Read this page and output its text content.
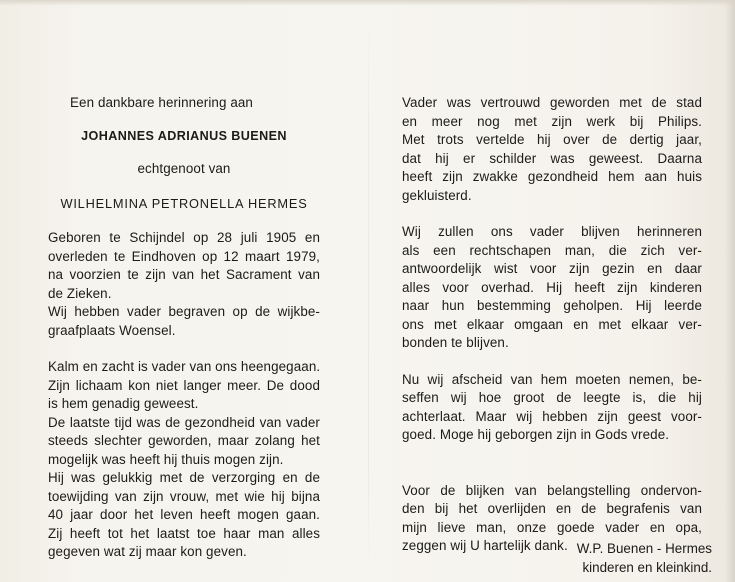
Een dankbare herinnering aan
JOHANNES ADRIANUS BUENEN
echtgenoot van
WILHELMINA PETRONELLA HERMES
Geboren te Schijndel op 28 juli 1905 en
overleden te Eindhoven op 12 maart 1979,
na voorzien te zijn van het Sacrament van
de Zieken.
Wij hebben vader begraven op de wijkbe-
graafplaats Woensel.
Kalm en zacht is vader van ons heengegaan.
Zijn lichaam kon niet langer meer. De dood
is hem genadig geweest.
De laatste tijd was de gezondheid van vader
steeds slechter geworden, maar zolang het
mogelijk was heeft hij thuis mogen zijn.
Hij was gelukkig met de verzorging en de
toewijding van zijn vrouw, met wie hij bijna
40 jaar door het leven heeft mogen gaan.
Zij heeft tot het laatst toe haar man alles
gegeven wat zij maar kon geven.
Vader was vertrouwd geworden met de stad
en meer nog met zijn werk bij Philips.
Met trots vertelde hij over de dertig jaar,
dat hij er schilder was geweest. Daarna
heeft zijn zwakke gezondheid hem aan huis
gekluisterd.
Wij zullen ons vader blijven herinneren
als een rechtschapen man, die zich ver-
antwoordelijk wist voor zijn gezin en daar
alles voor overhad. Hij heeft zijn kinderen
naar hun bestemming geholpen. Hij leerde
ons met elkaar omgaan en met elkaar ver-
bonden te blijven.
Nu wij afscheid van hem moeten nemen, be-
seffen wij hoe groot de leegte is, die hij
achterlaat. Maar wij hebben zijn geest voor-
goed. Moge hij geborgen zijn in Gods vrede.
Voor de blijken van belangstelling ondervon-
den bij het overlijden en de begrafenis van
mijn lieve man, onze goede vader en opa,
zeggen wij U hartelijk dank. W.P. Buenen - Hermes
kinderen en kleinkind.
